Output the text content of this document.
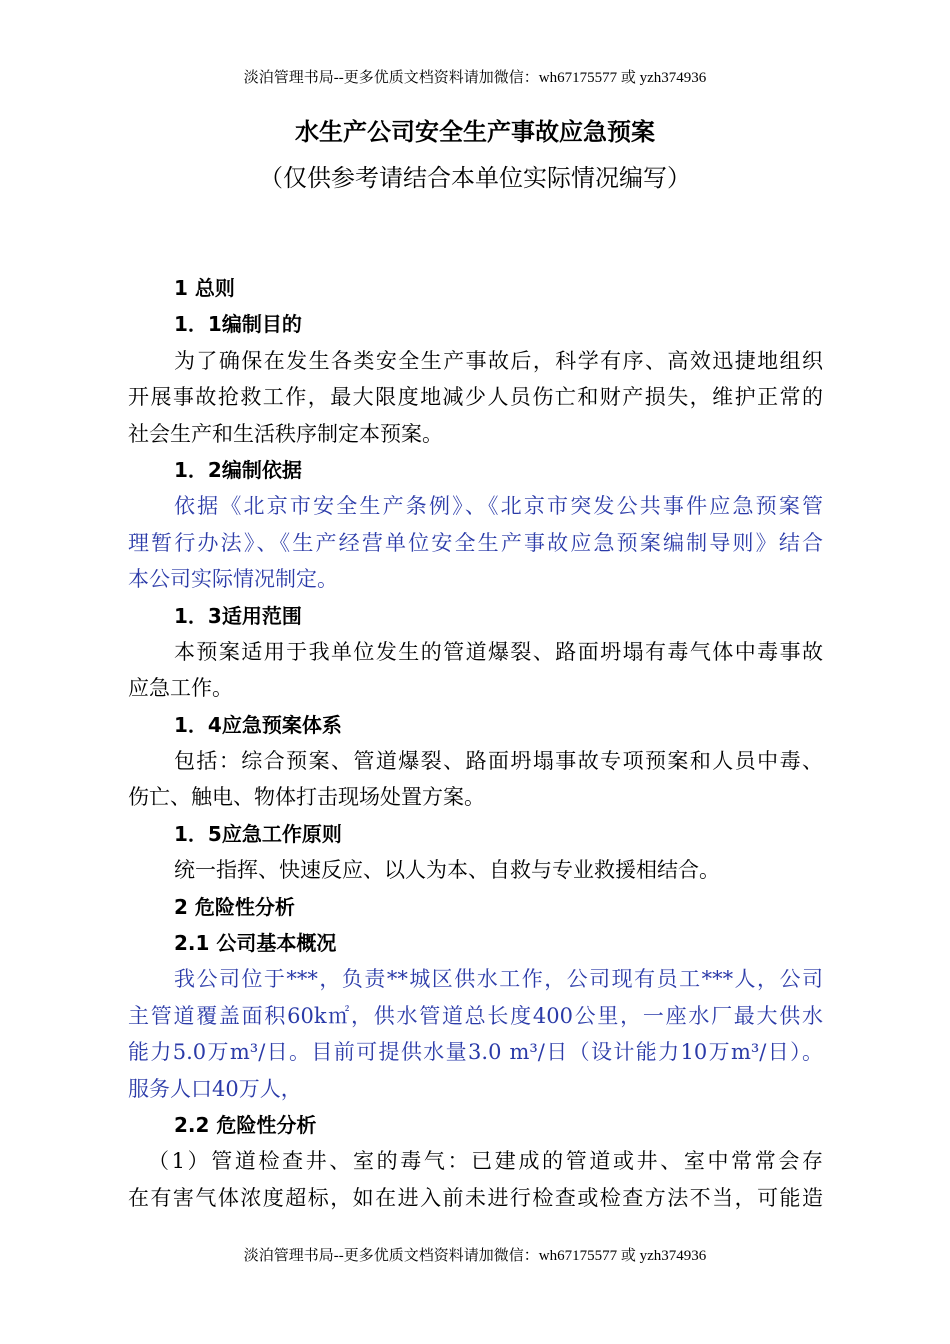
淡泊管理书局--更多优质文档资料请加微信：wh67175577 或 yzh374936
水生产公司安全生产事故应急预案
（仅供参考请结合本单位实际情况编写）
1 总则
1．1编制目的
为了确保在发生各类安全生产事故后，科学有序、高效迅捷地组织
开展事故抢救工作，最大限度地减少人员伤亡和财产损失，维护正常的
社会生产和生活秩序制定本预案。
1．2编制依据
依据《北京市安全生产条例》、《北京市突发公共事件应急预案管
理暂行办法》、《生产经营单位安全生产事故应急预案编制导则》结合
本公司实际情况制定。
1．3适用范围
本预案适用于我单位发生的管道爆裂、路面坍塌有毒气体中毒事故
应急工作。
1．4应急预案体系
包括：综合预案、管道爆裂、路面坍塌事故专项预案和人员中毒、
伤亡、触电、物体打击现场处置方案。
1．5应急工作原则
统一指挥、快速反应、以人为本、自救与专业救援相结合。
2 危险性分析
2.1 公司基本概况
我公司位于***，负责**城区供水工作，公司现有员工***人，公司
主管道覆盖面积60k㎡，供水管道总长度400公里，一座水厂最大供水
能力5.0万m³/日。目前可提供水量3.0 m³/日（设计能力10万m³/日）。
服务人口40万人，
2.2 危险性分析
（1）管道检查井、室的毒气：已建成的管道或井、室中常常会存
在有害气体浓度超标，如在进入前未进行检查或检查方法不当，可能造
淡泊管理书局--更多优质文档资料请加微信：wh67175577 或 yzh374936
